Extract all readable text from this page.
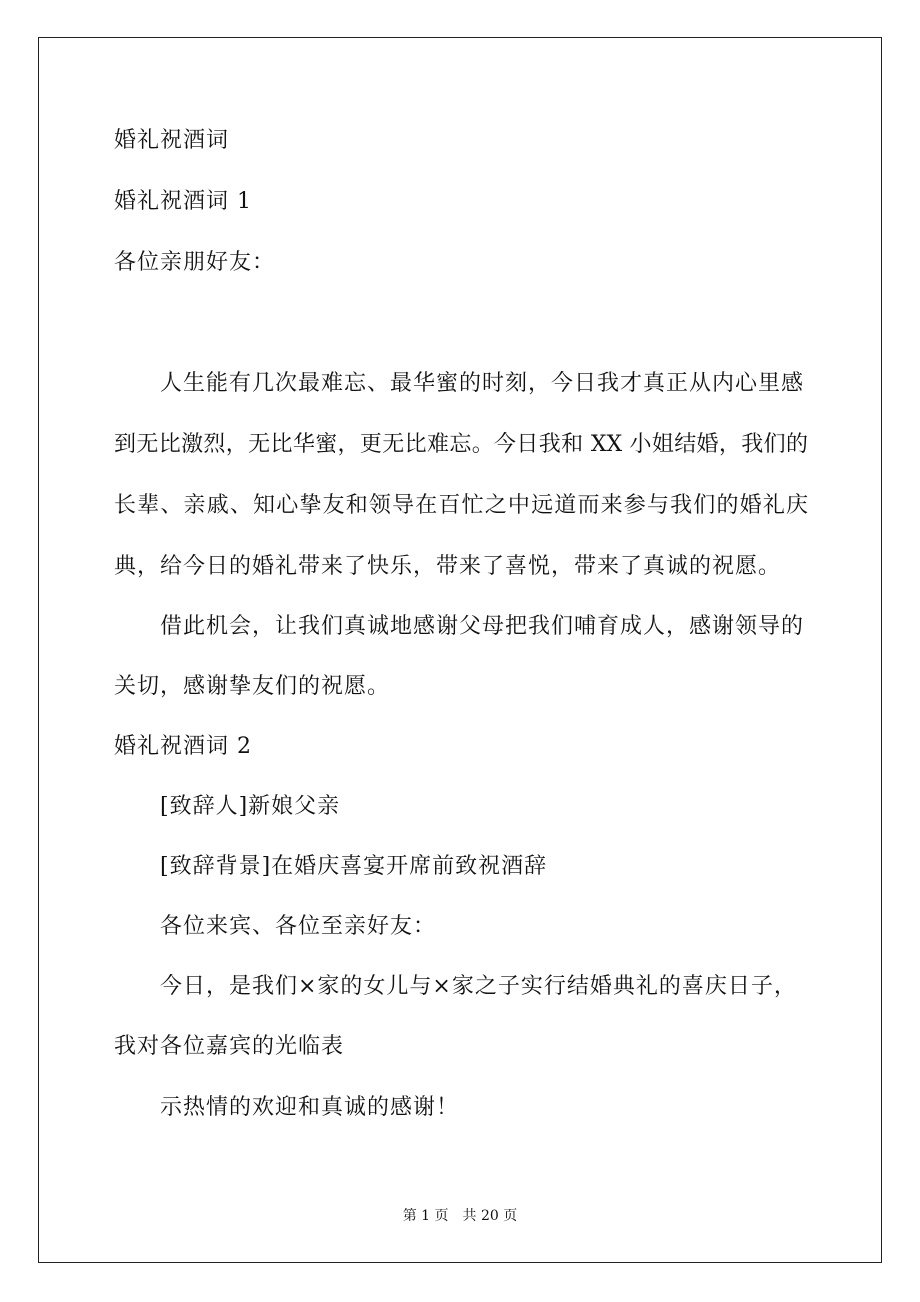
婚礼祝酒词
婚礼祝酒词 1
各位亲朋好友：
人生能有几次最难忘、最华蜜的时刻，今日我才真正从内心里感
到无比激烈，无比华蜜，更无比难忘。今日我和 XX 小姐结婚，我们的
长辈、亲戚、知心挚友和领导在百忙之中远道而来参与我们的婚礼庆
典，给今日的婚礼带来了快乐，带来了喜悦，带来了真诚的祝愿。
借此机会，让我们真诚地感谢父母把我们哺育成人，感谢领导的
关切，感谢挚友们的祝愿。
婚礼祝酒词 2
[致辞人]新娘父亲
[致辞背景]在婚庆喜宴开席前致祝酒辞
各位来宾、各位至亲好友：
今日，是我们×家的女儿与×家之子实行结婚典礼的喜庆日子，
我对各位嘉宾的光临表
示热情的欢迎和真诚的感谢！
第 1 页　共 20 页
